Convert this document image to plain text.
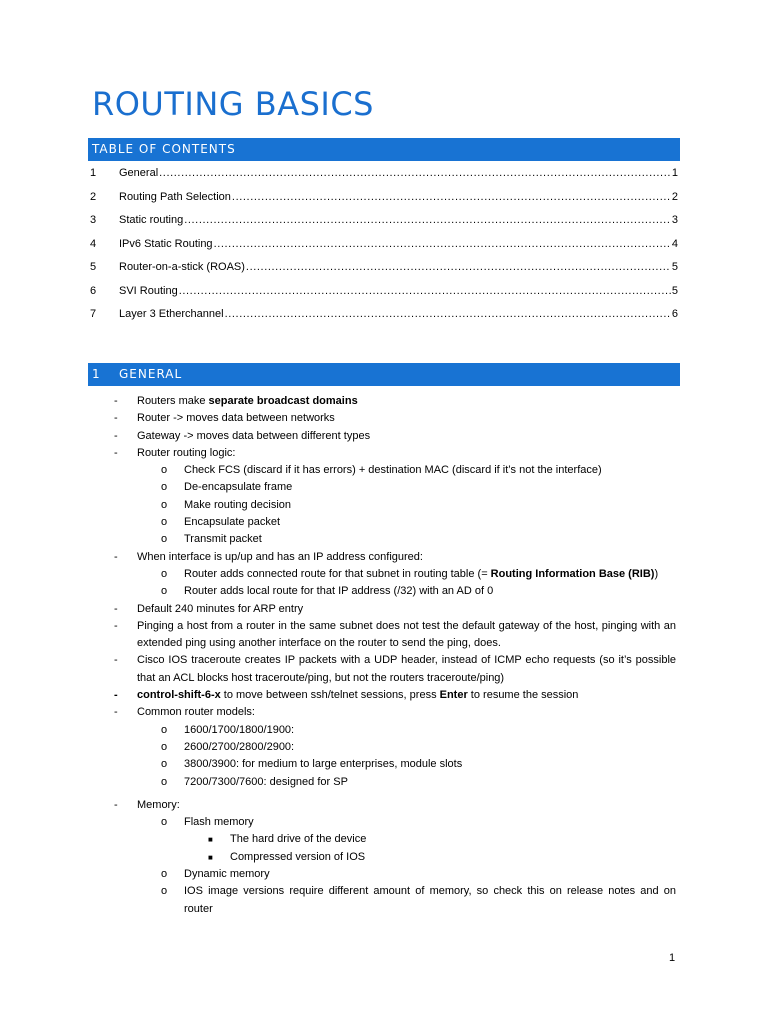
ROUTING BASICS
TABLE OF CONTENTS
1	General .....	1
2	Routing Path Selection .....	2
3	Static routing .....	3
4	IPv6 Static Routing .....	4
5	Router-on-a-stick (ROAS) .....	5
6	SVI Routing .....	5
7	Layer 3 Etherchannel .....	6
1 GENERAL
- Routers make separate broadcast domains
- Router -> moves data between networks
- Gateway -> moves data between different types
- Router routing logic:
o Check FCS (discard if it has errors) + destination MAC (discard if it’s not the interface)
o De-encapsulate frame
o Make routing decision
o Encapsulate packet
o Transmit packet
- When interface is up/up and has an IP address configured:
o Router adds connected route for that subnet in routing table (= Routing Information Base (RIB))
o Router adds local route for that IP address (/32) with an AD of 0
- Default 240 minutes for ARP entry
- Pinging a host from a router in the same subnet does not test the default gateway of the host, pinging with an extended ping using another interface on the router to send the ping, does.
- Cisco IOS traceroute creates IP packets with a UDP header, instead of ICMP echo requests (so it’s possible that an ACL blocks host traceroute/ping, but not the routers traceroute/ping)
- control-shift-6-x to move between ssh/telnet sessions, press Enter to resume the session
- Common router models:
o 1600/1700/1800/1900:
o 2600/2700/2800/2900:
o 3800/3900: for medium to large enterprises, module slots
o 7200/7300/7600: designed for SP
- Memory:
o Flash memory
■ The hard drive of the device
■ Compressed version of IOS
o Dynamic memory
o IOS image versions require different amount of memory, so check this on release notes and on router
1
